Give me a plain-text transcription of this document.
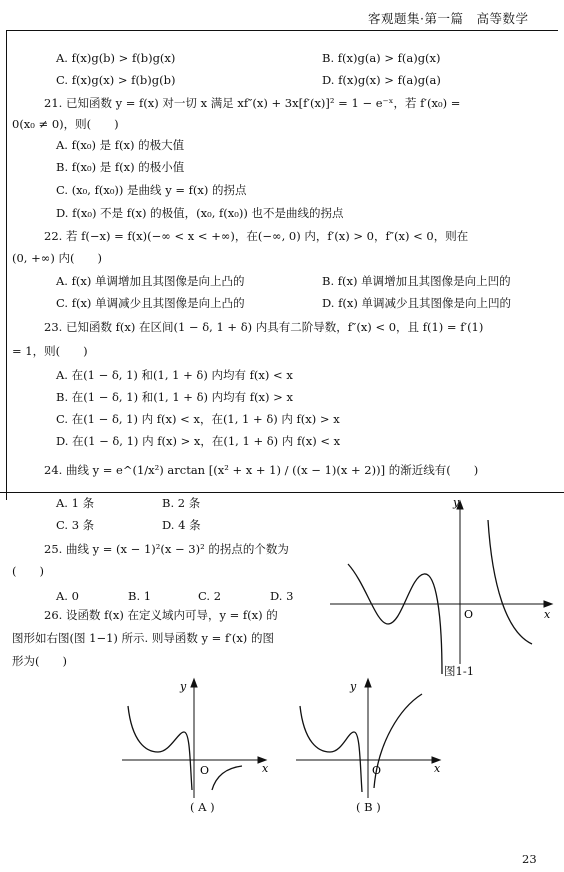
客观题集·第一篇　高等数学
A. f(x)g(b) > f(b)g(x)	B. f(x)g(a) > f(a)g(x)
C. f(x)g(x) > f(b)g(b)	D. f(x)g(x) > f(a)g(a)
21. 已知函数 y = f(x) 对一切 x 满足 xf″(x) + 3x[f′(x)]² = 1 − e⁻ˣ，若 f′(x₀) =
0(x₀ ≠ 0)，则(　　)
A. f(x₀) 是 f(x) 的极大值
B. f(x₀) 是 f(x) 的极小值
C. (x₀, f(x₀)) 是曲线 y = f(x) 的拐点
D. f(x₀) 不是 f(x) 的极值，(x₀, f(x₀)) 也不是曲线的拐点
22. 若 f(−x) = f(x)(−∞ < x < +∞)，在(−∞, 0) 内，f′(x) > 0，f″(x) < 0，则在
(0, +∞) 内(　　)
A. f(x) 单调增加且其图像是向上凸的	B. f(x) 单调增加且其图像是向上凹的
C. f(x) 单调减少且其图像是向上凸的	D. f(x) 单调减少且其图像是向上凹的
23. 已知函数 f(x) 在区间(1 − δ, 1 + δ) 内具有二阶导数，f″(x) < 0，且 f(1) = f′(1)
= 1，则(　　)
A. 在(1 − δ, 1) 和(1, 1 + δ) 内均有 f(x) < x
B. 在(1 − δ, 1) 和(1, 1 + δ) 内均有 f(x) > x
C. 在(1 − δ, 1) 内 f(x) < x，在(1, 1 + δ) 内 f(x) > x
D. 在(1 − δ, 1) 内 f(x) > x，在(1, 1 + δ) 内 f(x) < x
24. 曲线 y = e^(1/x²) arctan [(x² + x + 1) / ((x − 1)(x + 2))] 的渐近线有(　　)
A. 1 条	B. 2 条
C. 3 条	D. 4 条
25. 曲线 y = (x − 1)²(x − 3)² 的拐点的个数为
(　　)
A. 0	B. 1	C. 2	D. 3
26. 设函数 f(x) 在定义域内可导，y = f(x) 的
图形如右图(图 1−1) 所示. 则导函数 y = f′(x) 的图
形为(　　)
y
x
O
图1-1
y
x
O
( A )
y
x
O
( B )
23
